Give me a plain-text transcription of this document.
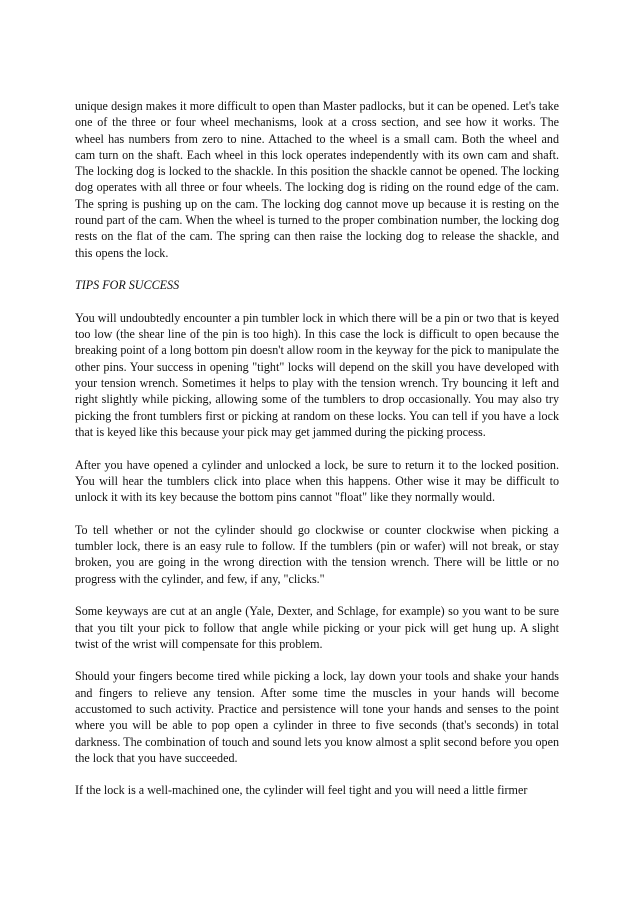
unique design makes it more difficult to open than Master padlocks, but it can be opened. Let's take one of the three or four wheel mechanisms, look at a cross section, and see how it works. The wheel has numbers from zero to nine. Attached to the wheel is a small cam. Both the wheel and cam turn on the shaft. Each wheel in this lock operates independently with its own cam and shaft. The locking dog is locked to the shackle. In this position the shackle cannot be opened. The locking dog operates with all three or four wheels. The locking dog is riding on the round edge of the cam. The spring is pushing up on the cam. The locking dog cannot move up because it is resting on the round part of the cam. When the wheel is turned to the proper combination number, the locking dog rests on the flat of the cam. The spring can then raise the locking dog to release the shackle, and this opens the lock.

TIPS FOR SUCCESS

You will undoubtedly encounter a pin tumbler lock in which there will be a pin or two that is keyed too low (the shear line of the pin is too high). In this case the lock is difficult to open because the breaking point of a long bottom pin doesn't allow room in the keyway for the pick to manipulate the other pins. Your success in opening "tight" locks will depend on the skill you have developed with your tension wrench. Sometimes it helps to play with the tension wrench. Try bouncing it left and right slightly while picking, allowing some of the tumblers to drop occasionally. You may also try picking the front tumblers first or picking at random on these locks. You can tell if you have a lock that is keyed like this because your pick may get jammed during the picking process.

After you have opened a cylinder and unlocked a lock, be sure to return it to the locked position. You will hear the tumblers click into place when this happens. Other wise it may be difficult to unlock it with its key because the bottom pins cannot "float" like they normally would.

To tell whether or not the cylinder should go clockwise or counter clockwise when picking a tumbler lock, there is an easy rule to follow. If the tumblers (pin or wafer) will not break, or stay broken, you are going in the wrong direction with the tension wrench. There will be little or no progress with the cylinder, and few, if any, "clicks."

Some keyways are cut at an angle (Yale, Dexter, and Schlage, for example) so you want to be sure that you tilt your pick to follow that angle while picking or your pick will get hung up. A slight twist of the wrist will compensate for this problem.

Should your fingers become tired while picking a lock, lay down your tools and shake your hands and fingers to relieve any tension. After some time the muscles in your hands will become accustomed to such activity. Practice and persistence will tone your hands and senses to the point where you will be able to pop open a cylinder in three to five seconds (that's seconds) in total darkness. The combination of touch and sound lets you know almost a split second before you open the lock that you have succeeded.

If the lock is a well-machined one, the cylinder will feel tight and you will need a little firmer
